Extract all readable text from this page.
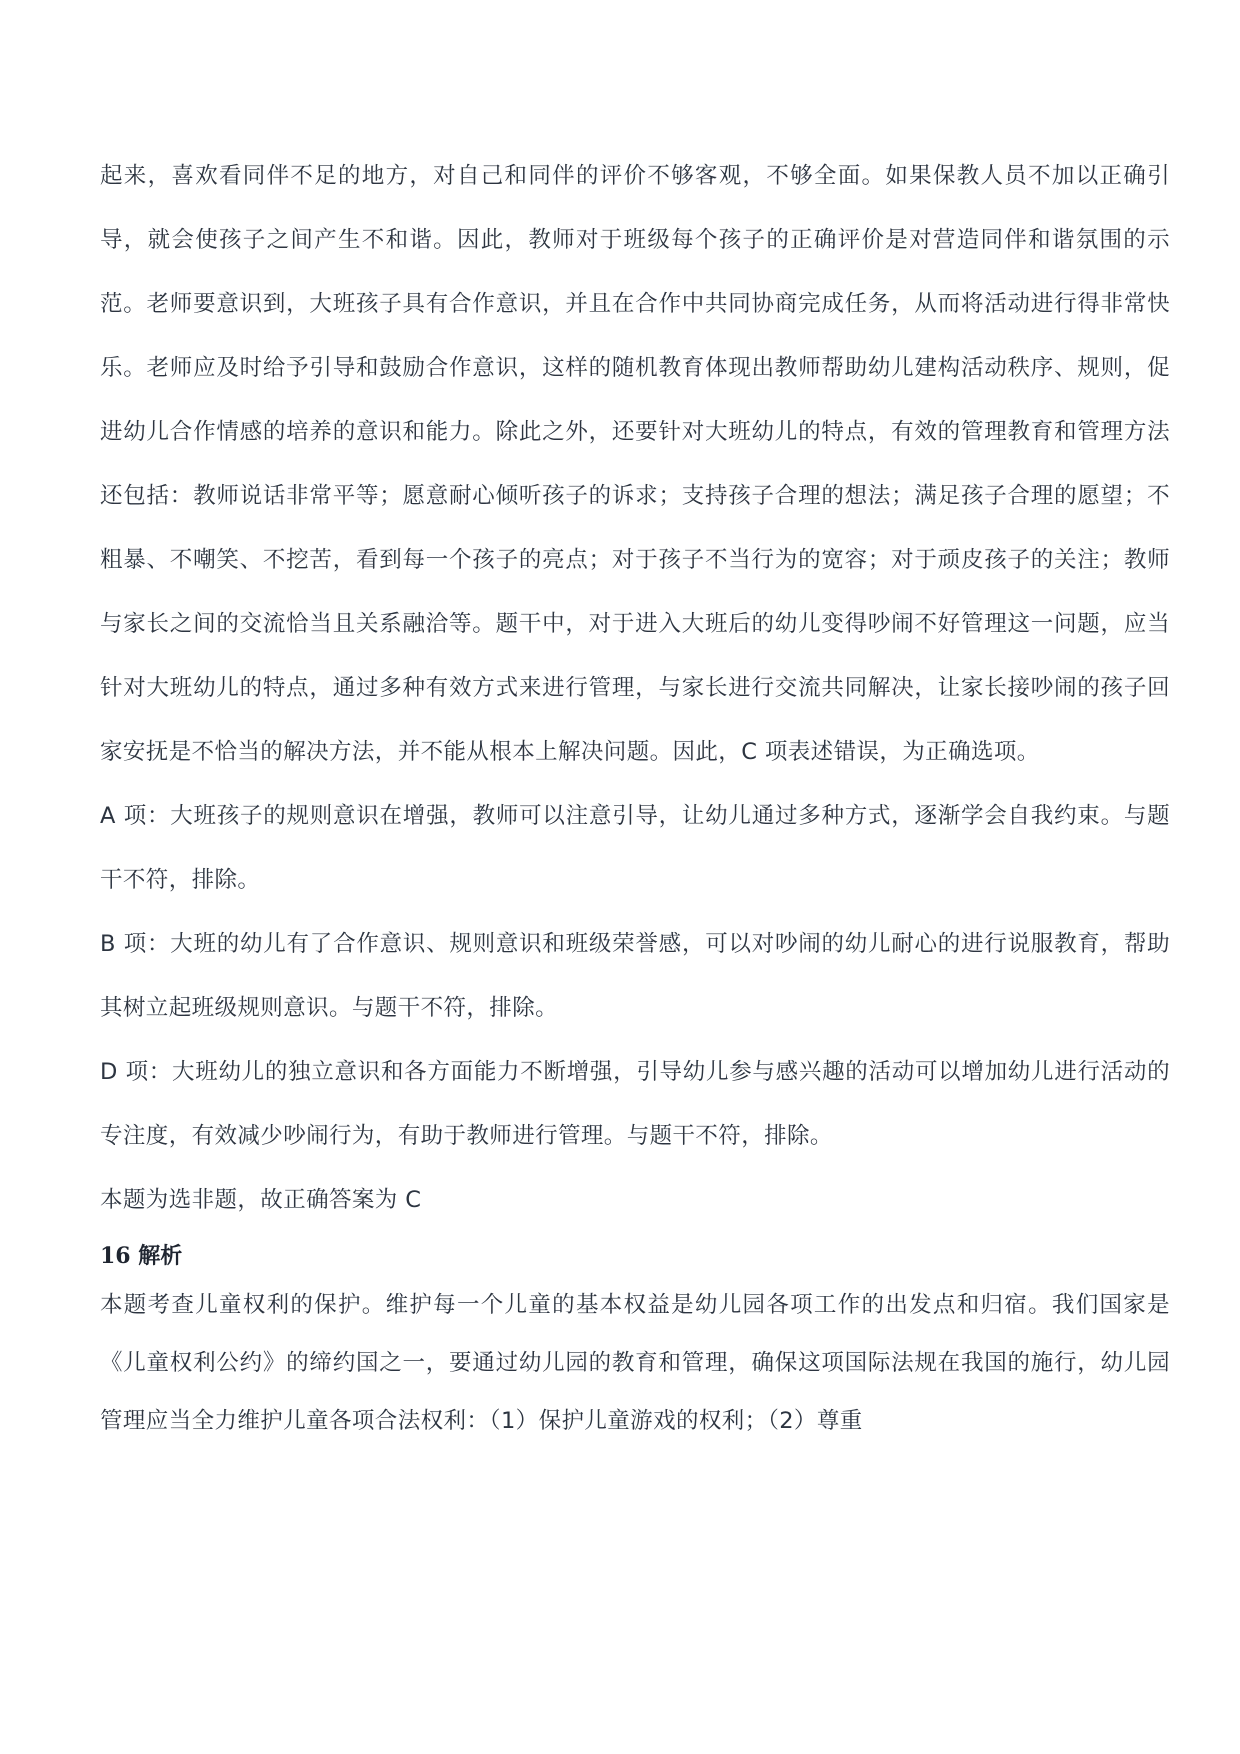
起来，喜欢看同伴不足的地方，对自己和同伴的评价不够客观，不够全面。如果保教人员不加以正确引导，就会使孩子之间产生不和谐。因此，教师对于班级每个孩子的正确评价是对营造同伴和谐氛围的示范。老师要意识到，大班孩子具有合作意识，并且在合作中共同协商完成任务，从而将活动进行得非常快乐。老师应及时给予引导和鼓励合作意识，这样的随机教育体现出教师帮助幼儿建构活动秩序、规则，促进幼儿合作情感的培养的意识和能力。除此之外，还要针对大班幼儿的特点，有效的管理教育和管理方法还包括：教师说话非常平等；愿意耐心倾听孩子的诉求；支持孩子合理的想法；满足孩子合理的愿望；不粗暴、不嘲笑、不挖苦，看到每一个孩子的亮点；对于孩子不当行为的宽容；对于顽皮孩子的关注；教师与家长之间的交流恰当且关系融洽等。题干中，对于进入大班后的幼儿变得吵闹不好管理这一问题，应当针对大班幼儿的特点，通过多种有效方式来进行管理，与家长进行交流共同解决，让家长接吵闹的孩子回家安抚是不恰当的解决方法，并不能从根本上解决问题。因此，C 项表述错误，为正确选项。

A 项：大班孩子的规则意识在增强，教师可以注意引导，让幼儿通过多种方式，逐渐学会自我约束。与题干不符，排除。

B 项：大班的幼儿有了合作意识、规则意识和班级荣誉感，可以对吵闹的幼儿耐心的进行说服教育，帮助其树立起班级规则意识。与题干不符，排除。

D 项：大班幼儿的独立意识和各方面能力不断增强，引导幼儿参与感兴趣的活动可以增加幼儿进行活动的专注度，有效减少吵闹行为，有助于教师进行管理。与题干不符，排除。

本题为选非题，故正确答案为 C

16 解析

本题考查儿童权利的保护。维护每一个儿童的基本权益是幼儿园各项工作的出发点和归宿。我们国家是《儿童权利公约》的缔约国之一，要通过幼儿园的教育和管理，确保这项国际法规在我国的施行，幼儿园管理应当全力维护儿童各项合法权利：（1）保护儿童游戏的权利；（2）尊重
